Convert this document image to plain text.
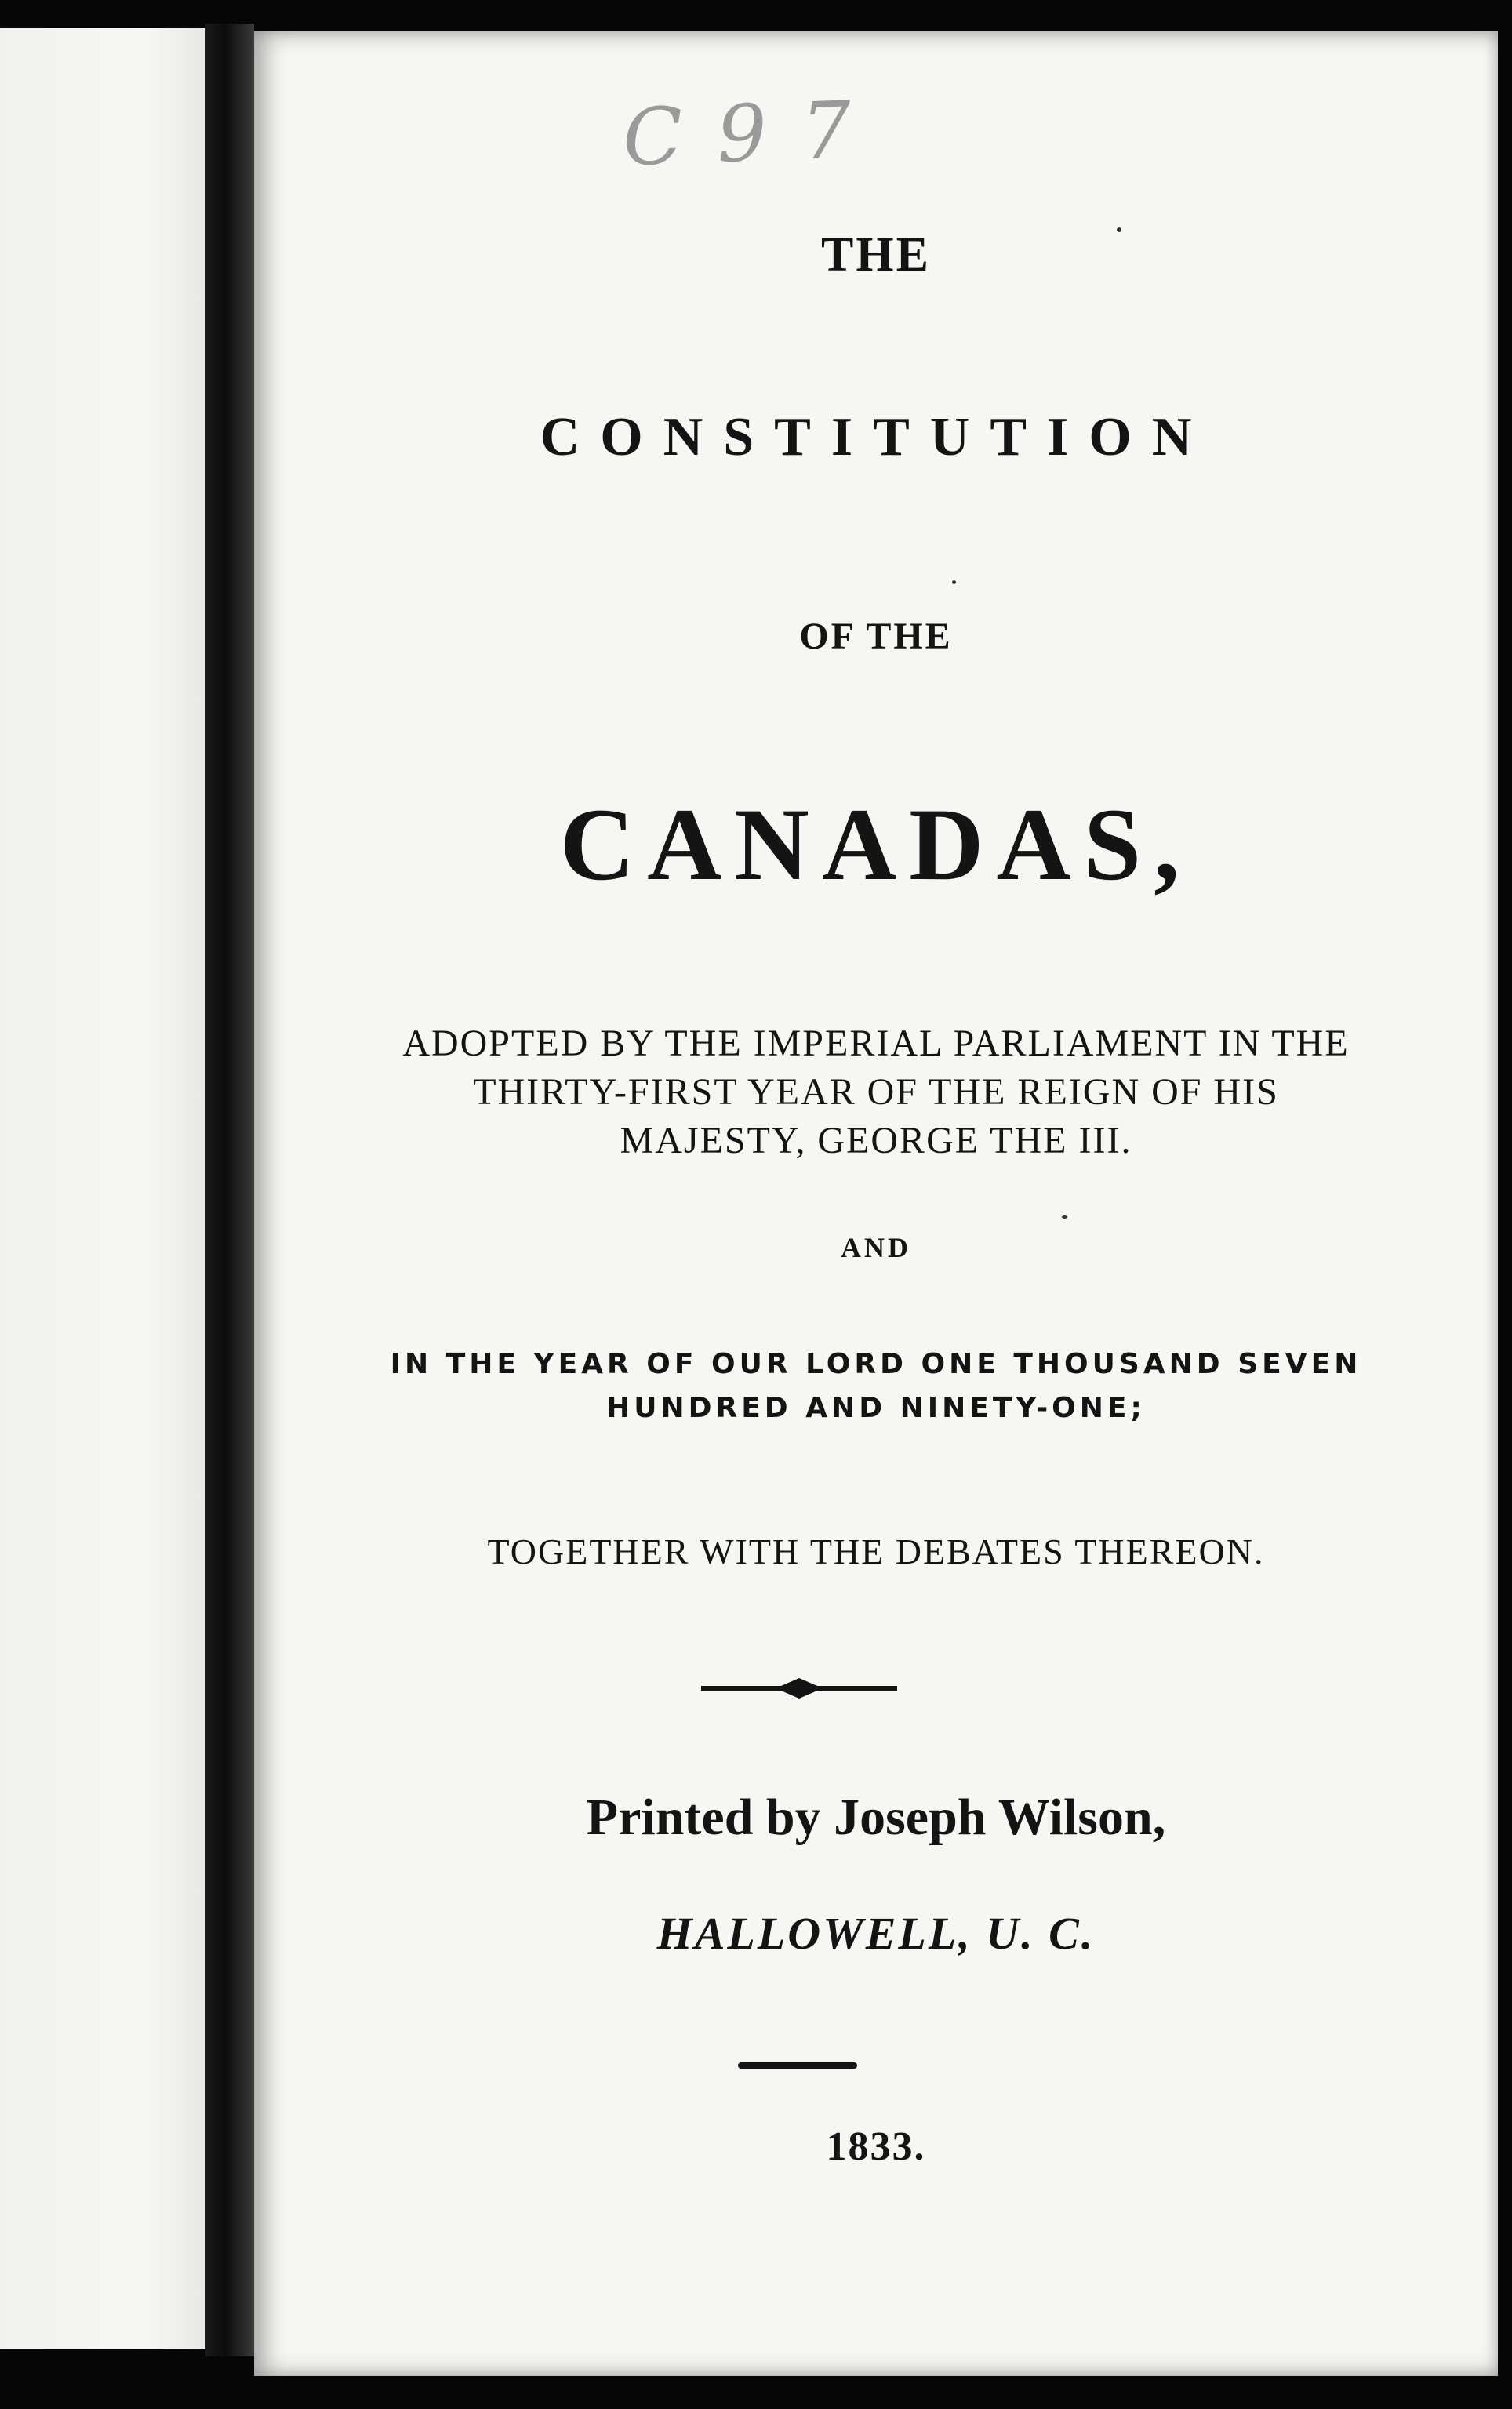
C 9 7

THE

CONSTITUTION

OF THE

CANADAS,

ADOPTED BY THE IMPERIAL PARLIAMENT IN THE
THIRTY-FIRST YEAR OF THE REIGN OF HIS
MAJESTY, GEORGE THE III.

AND

IN THE YEAR OF OUR LORD ONE THOUSAND SEVEN
HUNDRED AND NINETY-ONE;

TOGETHER WITH THE DEBATES THEREON.

Printed by Joseph Wilson,

HALLOWELL, U. C.

1833.
